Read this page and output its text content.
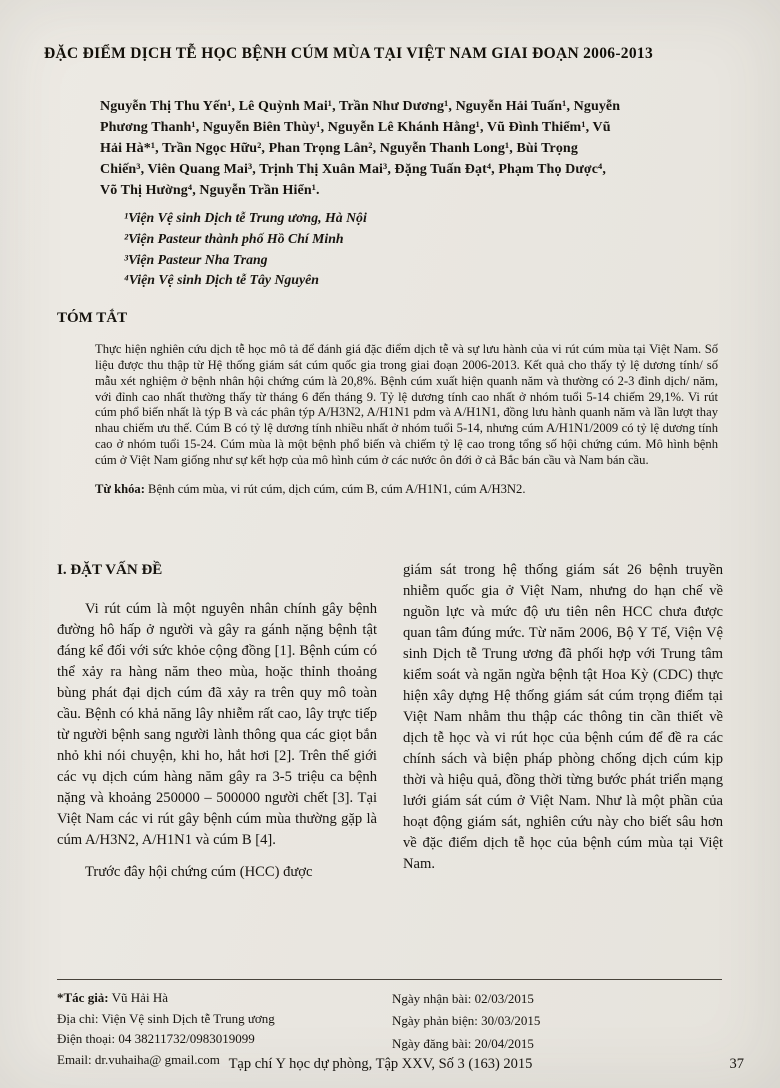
ĐẶC ĐIỂM DỊCH TỄ HỌC BỆNH CÚM MÙA TẠI VIỆT NAM GIAI ĐOẠN 2006-2013
Nguyễn Thị Thu Yến¹, Lê Quỳnh Mai¹, Trần Như Dương¹, Nguyễn Hải Tuấn¹, Nguyễn Phương Thanh¹, Nguyễn Biên Thùy¹, Nguyễn Lê Khánh Hằng¹, Vũ Đình Thiểm¹, Vũ Hải Hà*¹, Trần Ngọc Hữu², Phan Trọng Lân², Nguyễn Thanh Long¹, Bùi Trọng Chiến³, Viên Quang Mai³, Trịnh Thị Xuân Mai³, Đặng Tuấn Đạt⁴, Phạm Thọ Dược⁴, Võ Thị Hường⁴, Nguyễn Trần Hiển¹.
¹Viện Vệ sinh Dịch tễ Trung ương, Hà Nội
²Viện Pasteur thành phố Hồ Chí Minh
³Viện Pasteur Nha Trang
⁴Viện Vệ sinh Dịch tễ Tây Nguyên
TÓM TẮT

Thực hiện nghiên cứu dịch tễ học mô tả để đánh giá đặc điểm dịch tễ và sự lưu hành của vi rút cúm mùa tại Việt Nam. Số liệu được thu thập từ Hệ thống giám sát cúm quốc gia trong giai đoạn 2006-2013. Kết quả cho thấy tỷ lệ dương tính/ số mẫu xét nghiệm ở bệnh nhân hội chứng cúm là 20,8%. Bệnh cúm xuất hiện quanh năm và thường có 2-3 đỉnh dịch/ năm, với đỉnh cao nhất thường thấy từ tháng 6 đến tháng 9. Tỷ lệ dương tính cao nhất ở nhóm tuổi 5-14 chiếm 29,1%. Vi rút cúm phổ biến nhất là týp B và các phân týp A/H3N2, A/H1N1 pdm và A/H1N1, đồng lưu hành quanh năm và lần lượt thay nhau chiếm ưu thế. Cúm B có tỷ lệ dương tính nhiều nhất ở nhóm tuổi 5-14, nhưng cúm A/H1N1/2009 có tỷ lệ dương tính cao ở nhóm tuổi 15-24. Cúm mùa là một bệnh phổ biến và chiếm tỷ lệ cao trong tổng số hội chứng cúm. Mô hình bệnh cúm ở Việt Nam giống như sự kết hợp của mô hình cúm ở các nước ôn đới ở cả Bắc bán cầu và Nam bán cầu.

Từ khóa: Bệnh cúm mùa, vi rút cúm, dịch cúm, cúm B, cúm A/H1N1, cúm A/H3N2.

I. ĐẶT VẤN ĐỀ

Vi rút cúm là một nguyên nhân chính gây bệnh đường hô hấp ở người và gây ra gánh nặng bệnh tật đáng kể đối với sức khỏe cộng đồng [1]. Bệnh cúm có thể xảy ra hàng năm theo mùa, hoặc thỉnh thoảng bùng phát đại dịch cúm đã xảy ra trên quy mô toàn cầu. Bệnh có khả năng lây nhiễm rất cao, lây trực tiếp từ người bệnh sang người lành thông qua các giọt bắn nhỏ khi nói chuyện, khi ho, hắt hơi [2]. Trên thế giới các vụ dịch cúm hàng năm gây ra 3-5 triệu ca bệnh nặng và khoảng 250000 – 500000 người chết [3]. Tại Việt Nam các vi rút gây bệnh cúm mùa thường gặp là cúm A/H3N2, A/H1N1 và cúm B [4].

Trước đây hội chứng cúm (HCC) được

giám sát trong hệ thống giám sát 26 bệnh truyền nhiễm quốc gia ở Việt Nam, nhưng do hạn chế về nguồn lực và mức độ ưu tiên nên HCC chưa được quan tâm đúng mức. Từ năm 2006, Bộ Y Tế, Viện Vệ sinh Dịch tễ Trung ương đã phối hợp với Trung tâm kiểm soát và ngăn ngừa bệnh tật Hoa Kỳ (CDC) thực hiện xây dựng Hệ thống giám sát cúm trọng điểm tại Việt Nam nhằm thu thập các thông tin cần thiết về dịch tễ học và vi rút học của bệnh cúm để đề ra các chính sách và biện pháp phòng chống dịch cúm kịp thời và hiệu quả, đồng thời từng bước phát triển mạng lưới giám sát cúm ở Việt Nam. Như là một phần của hoạt động giám sát, nghiên cứu này cho biết sâu hơn về đặc điểm dịch tễ học của bệnh cúm mùa tại Việt Nam.

*Tác giả: Vũ Hải Hà
Địa chỉ: Viện Vệ sinh Dịch tễ Trung ương
Điện thoại: 04 38211732/0983019099
Email: dr.vuhaiha@ gmail.com
Ngày nhận bài: 02/03/2015
Ngày phản biện: 30/03/2015
Ngày đăng bài: 20/04/2015
Tạp chí Y học dự phòng, Tập XXV, Số 3 (163) 2015	37
